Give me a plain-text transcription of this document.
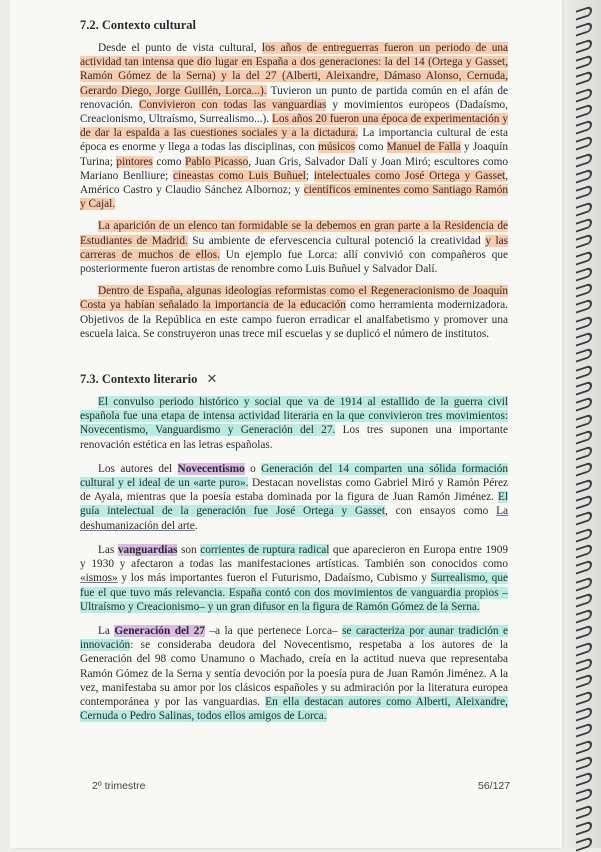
7.2. Contexto cultural

Desde el punto de vista cultural, los años de entreguerras fueron un periodo de una actividad tan intensa que dio lugar en España a dos generaciones: la del 14 (Ortega y Gasset, Ramón Gómez de la Serna) y la del 27 (Alberti, Aleixandre, Dámaso Alonso, Cernuda, Gerardo Diego, Jorge Guillén, Lorca...). Tuvieron un punto de partida común en el afán de renovación. Convivieron con todas las vanguardias y movimientos europeos (Dadaísmo, Creacionismo, Ultraísmo, Surrealismo...). Los años 20 fueron una época de experimentación y de dar la espalda a las cuestiones sociales y a la dictadura. La importancia cultural de esta época es enorme y llega a todas las disciplinas, con músicos como Manuel de Falla y Joaquín Turina; pintores como Pablo Picasso, Juan Gris, Salvador Dalí y Joan Miró; escultores como Mariano Benlliure; cineastas como Luis Buñuel; intelectuales como José Ortega y Gasset, Américo Castro y Claudio Sánchez Albornoz; y científicos eminentes como Santiago Ramón y Cajal.

La aparición de un elenco tan formidable se la debemos en gran parte a la Residencia de Estudiantes de Madrid. Su ambiente de efervescencia cultural potenció la creatividad y las carreras de muchos de ellos. Un ejemplo fue Lorca: allí convivió con compañeros que posteriormente fueron artistas de renombre como Luis Buñuel y Salvador Dalí.

Dentro de España, algunas ideologías reformistas como el Regeneracionismo de Joaquín Costa ya habían señalado la importancia de la educación como herramienta modernizadora. Objetivos de la República en este campo fueron erradicar el analfabetismo y promover una escuela laica. Se construyeron unas trece mil escuelas y se duplicó el número de institutos.

7.3. Contexto literario ✕

El convulso periodo histórico y social que va de 1914 al estallido de la guerra civil española fue una etapa de intensa actividad literaria en la que convivieron tres movimientos: Novecentismo, Vanguardismo y Generación del 27. Los tres suponen una importante renovación estética en las letras españolas.

Los autores del Novecentismo o Generación del 14 comparten una sólida formación cultural y el ideal de un «arte puro». Destacan novelistas como Gabriel Miró y Ramón Pérez de Ayala, mientras que la poesía estaba dominada por la figura de Juan Ramón Jiménez. El guía intelectual de la generación fue José Ortega y Gasset, con ensayos como La deshumanización del arte.

Las vanguardias son corrientes de ruptura radical que aparecieron en Europa entre 1909 y 1930 y afectaron a todas las manifestaciones artísticas. También son conocidos como «ismos» y los más importantes fueron el Futurismo, Dadaísmo, Cubismo y Surrealismo, que fue el que tuvo más relevancia. España contó con dos movimientos de vanguardia propios –Ultraísmo y Creacionismo– y un gran difusor en la figura de Ramón Gómez de la Serna.

La Generación del 27 –a la que pertenece Lorca– se caracteriza por aunar tradición e innovación: se consideraba deudora del Novecentismo, respetaba a los autores de la Generación del 98 como Unamuno o Machado, creía en la actitud nueva que representaba Ramón Gómez de la Serna y sentía devoción por la poesía pura de Juan Ramón Jiménez. A la vez, manifestaba su amor por los clásicos españoles y su admiración por la literatura europea contemporánea y por las vanguardias. En ella destacan autores como Alberti, Aleixandre, Cernuda o Pedro Salinas, todos ellos amigos de Lorca.

2º trimestre	56/127
